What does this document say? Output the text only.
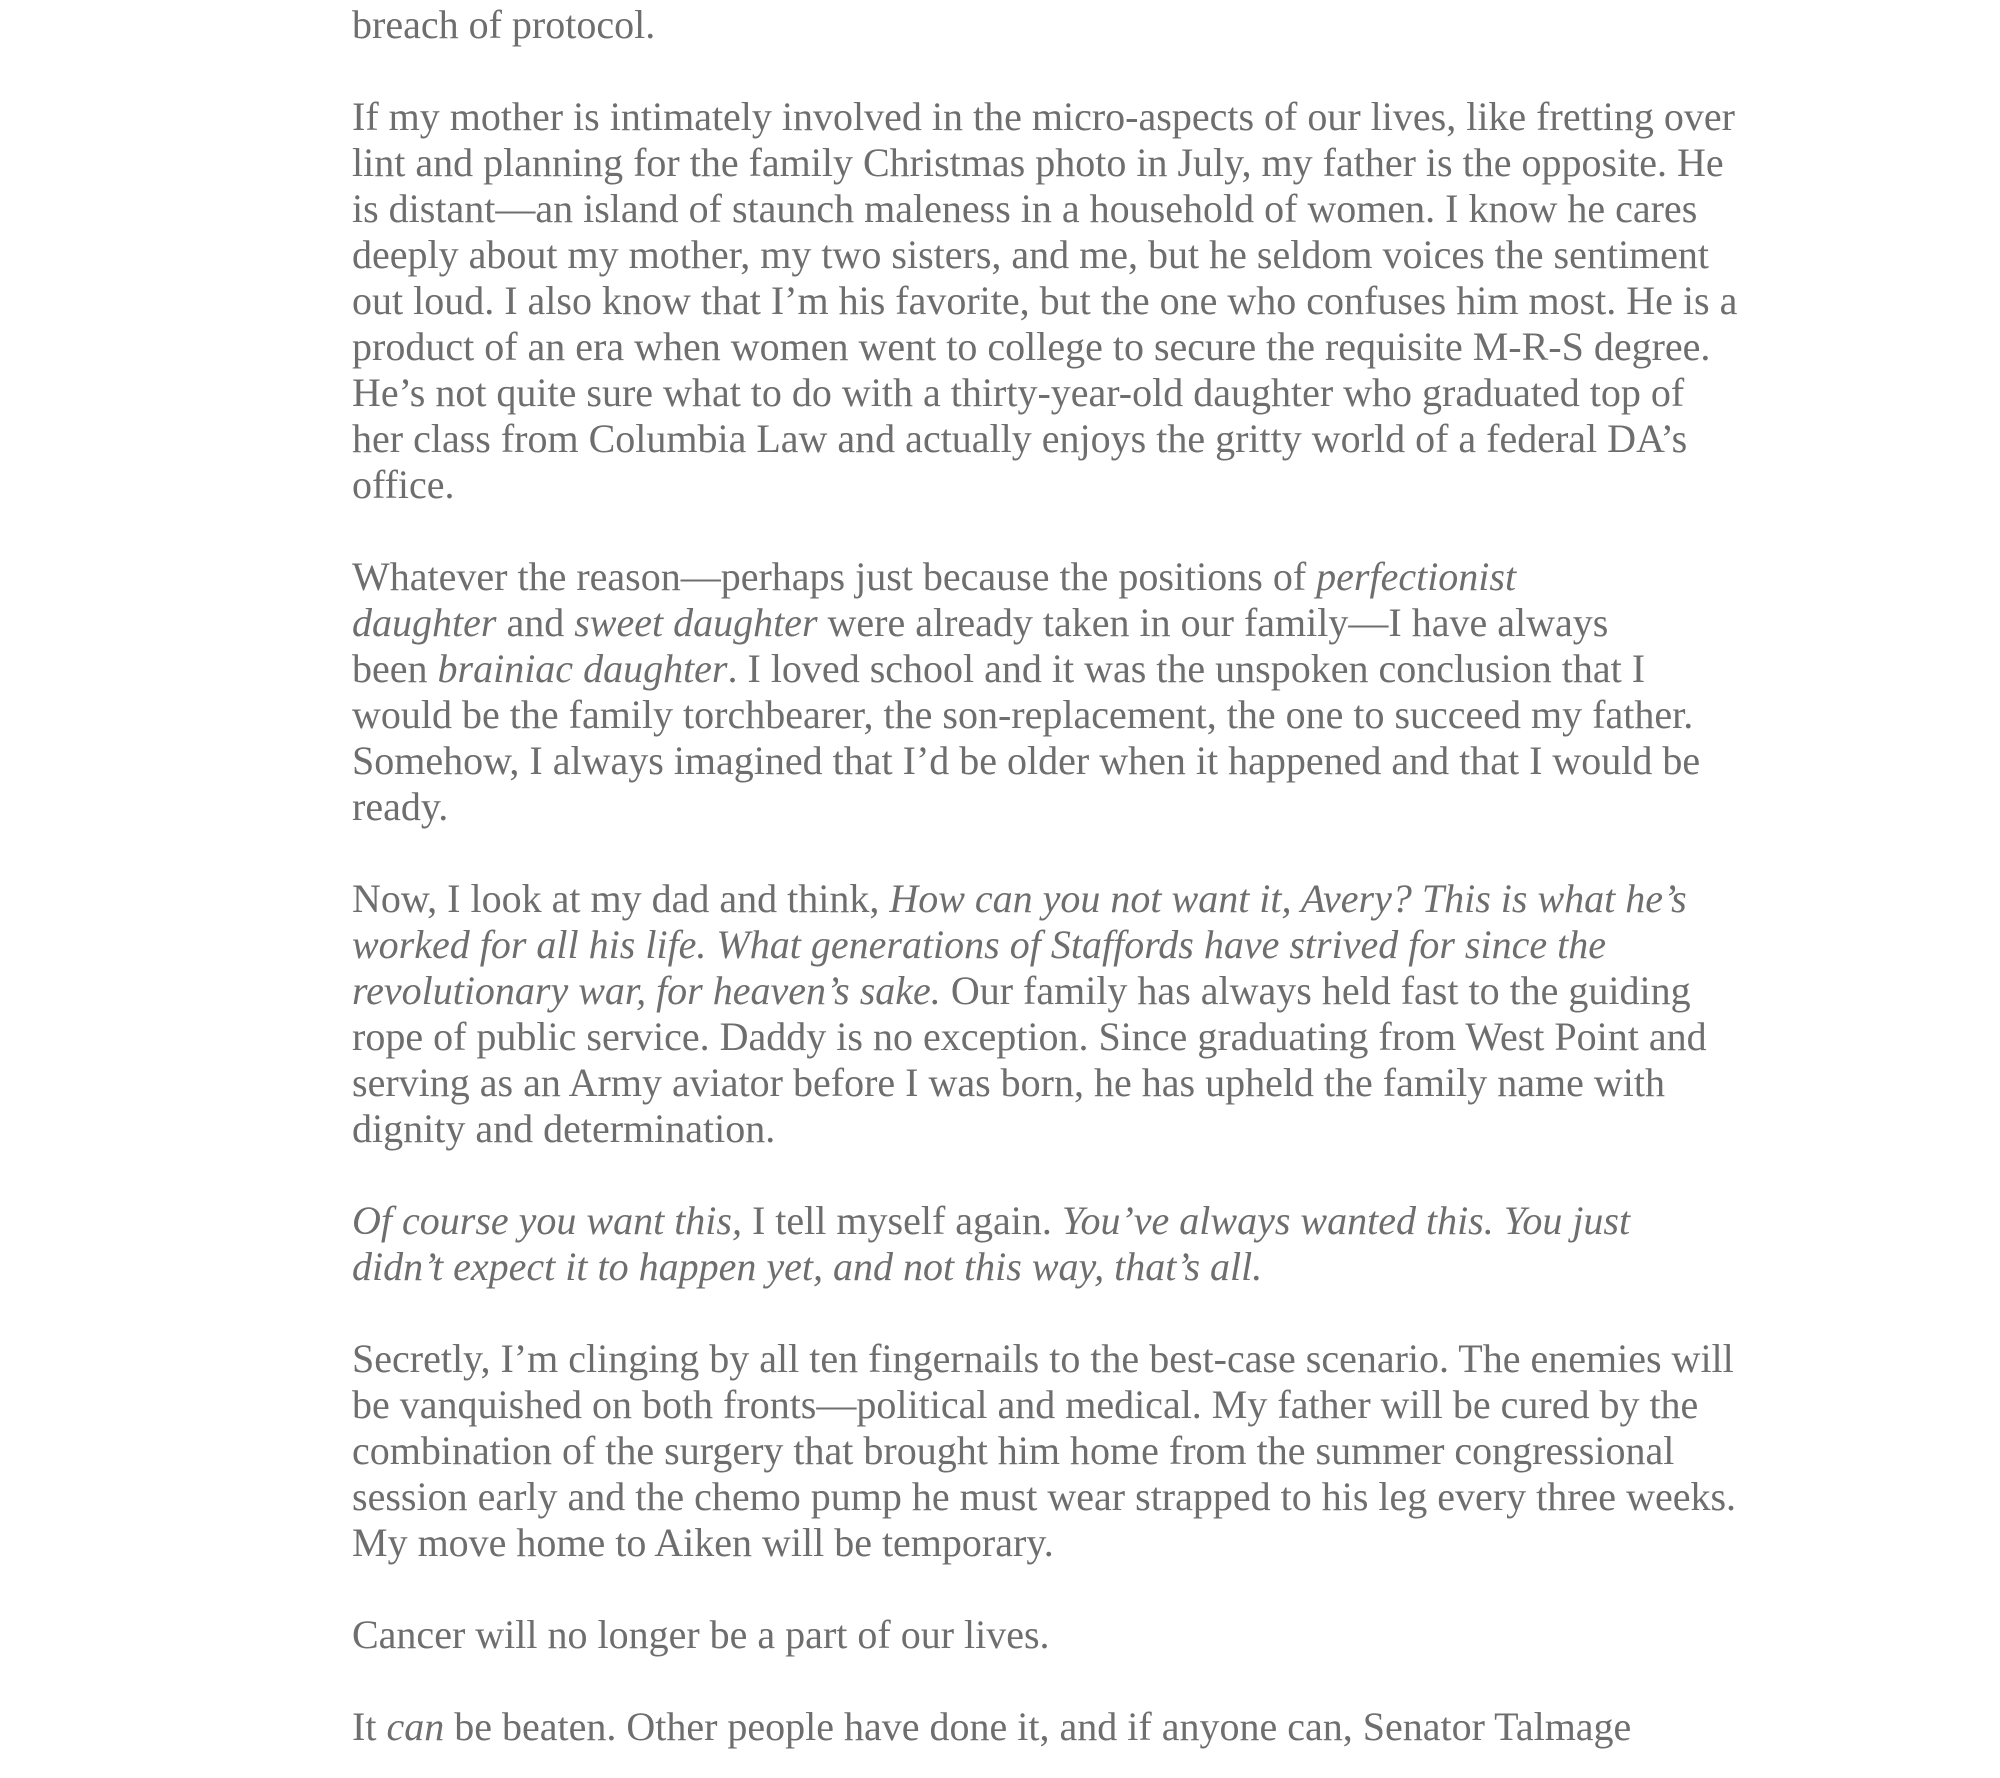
breach of protocol.
If my mother is intimately involved in the micro-aspects of our lives, like fretting over
lint and planning for the family Christmas photo in July, my father is the opposite. He
is distant—an island of staunch maleness in a household of women. I know he cares
deeply about my mother, my two sisters, and me, but he seldom voices the sentiment
out loud. I also know that I’m his favorite, but the one who confuses him most. He is a
product of an era when women went to college to secure the requisite M-R-S degree.
He’s not quite sure what to do with a thirty-year-old daughter who graduated top of
her class from Columbia Law and actually enjoys the gritty world of a federal DA’s
office.
Whatever the reason—perhaps just because the positions of perfectionist
daughter and sweet daughter were already taken in our family—I have always
been brainiac daughter. I loved school and it was the unspoken conclusion that I
would be the family torchbearer, the son-replacement, the one to succeed my father.
Somehow, I always imagined that I’d be older when it happened and that I would be
ready.
Now, I look at my dad and think, How can you not want it, Avery? This is what he’s
worked for all his life. What generations of Staffords have strived for since the
revolutionary war, for heaven’s sake. Our family has always held fast to the guiding
rope of public service. Daddy is no exception. Since graduating from West Point and
serving as an Army aviator before I was born, he has upheld the family name with
dignity and determination.
Of course you want this, I tell myself again. You’ve always wanted this. You just
didn’t expect it to happen yet, and not this way, that’s all.
Secretly, I’m clinging by all ten fingernails to the best-case scenario. The enemies will
be vanquished on both fronts—political and medical. My father will be cured by the
combination of the surgery that brought him home from the summer congressional
session early and the chemo pump he must wear strapped to his leg every three weeks.
My move home to Aiken will be temporary.
Cancer will no longer be a part of our lives.
It can be beaten. Other people have done it, and if anyone can, Senator Talmage
